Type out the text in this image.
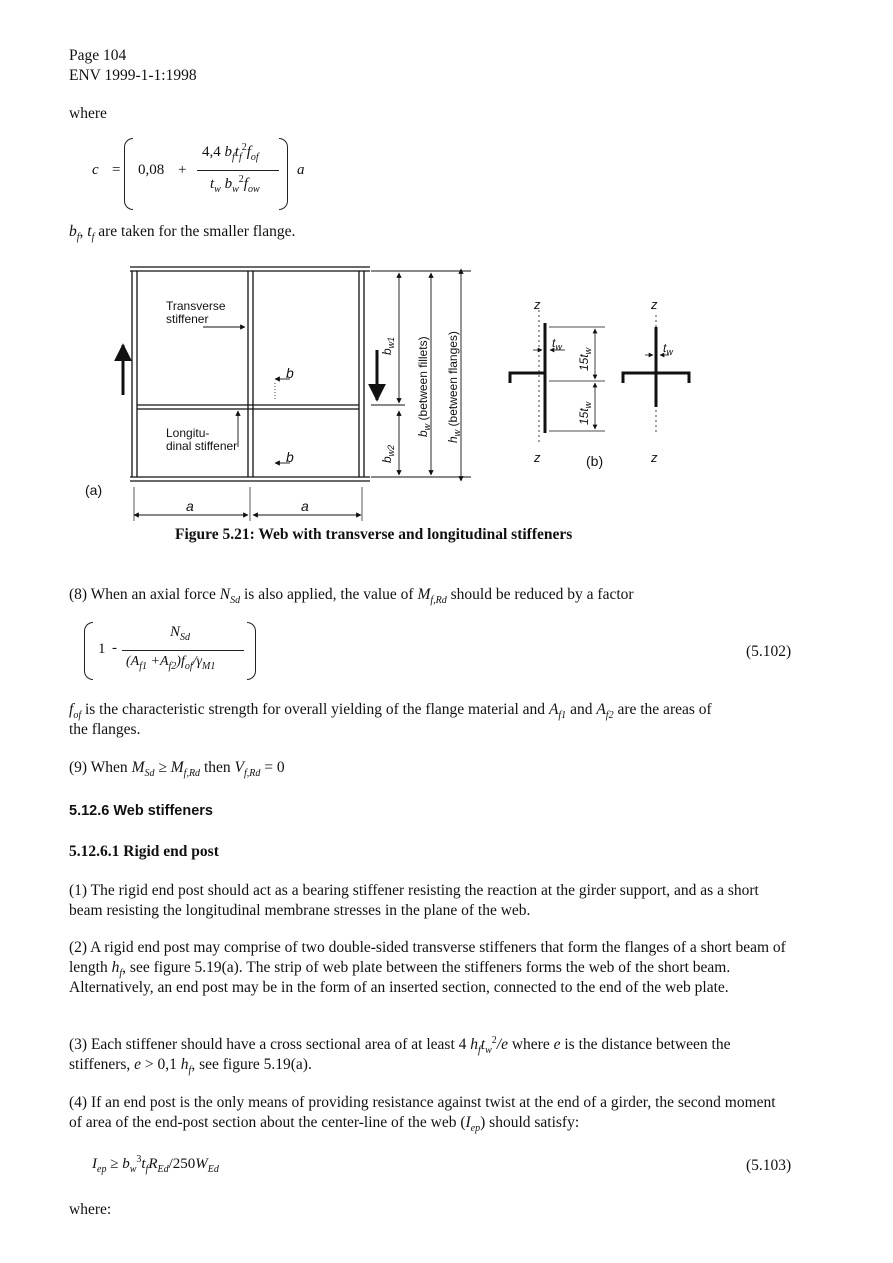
Page 104
ENV 1999-1-1:1998
where
c = 0,08 +
4,4 $b_ft_f^2f_{of}$
$t_w$ $b_w^2f_{ow}$
a
$b_f$, $t_f$ are taken for the smaller flange.
Transverse
stiffener
Longitu-
dinal stiffener
b
b
(a)
a	a
$b_{w1}$
$b_{w2}$
$b_w$ (between fillets)
$h_w$ (between flanges)
z
z
z
z
$t_w$	$t_w$
$15t_w$
$15t_w$
(b)
Figure 5.21: Web with transverse and longitudinal stiffeners
(8) When an axial force $N_{Sd}$ is also applied, the value of $M_{f,Rd}$ should be reduced by a factor
1 -
$N_{Sd}$
$(A_{f1} +A_{f2})f_{of}/\gamma_{M1}$
(5.102)
$f_{of}$ is the characteristic strength for overall yielding of the flange material and $A_{f1}$ and $A_{f2}$ are the areas of
the flanges.
(9) When $M_{Sd} \ge M_{f,Rd}$ then $V_{f,Rd} = 0$
5.12.6 Web stiffeners
5.12.6.1 Rigid end post
(1) The rigid end post should act as a bearing stiffener resisting the reaction at the girder support, and as a short beam resisting the longitudinal membrane stresses in the plane of the web.
(2) A rigid end post may comprise of two double-sided transverse stiffeners that form the flanges of a short beam of length $h_f$, see figure 5.19(a). The strip of web plate between the stiffeners forms the web of the short beam. Alternatively, an end post may be in the form of an inserted section, connected to the end of the web plate.
(3) Each stiffener should have a cross sectional area of at least 4 $h_ft_w^2/e$ where e is the distance between the stiffeners, e > 0,1 $h_f$, see figure 5.19(a).
(4) If an end post is the only means of providing resistance against twist at the end of a girder, the second moment of area of the end-post section about the center-line of the web $(I_{ep})$ should satisfy:
$I_{ep} \ge b_w^3t_fR_{Ed}/250W_{Ed}$	(5.103)
where:
